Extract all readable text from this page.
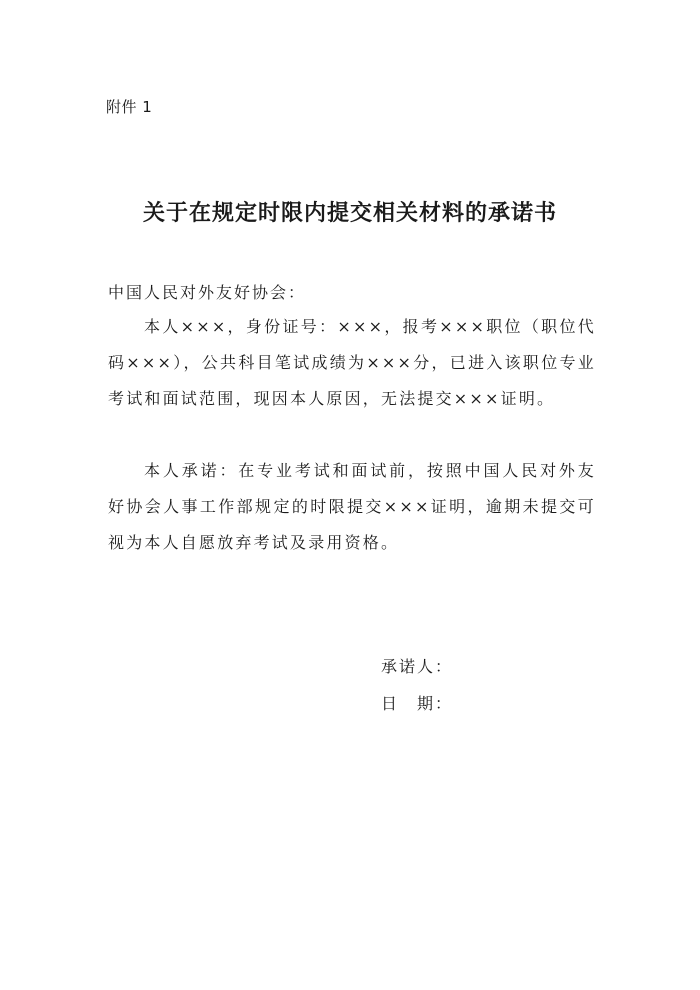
附件 1
关于在规定时限内提交相关材料的承诺书
中国人民对外友好协会：
本人×××，身份证号：×××，报考×××职位（职位代码×××），公共科目笔试成绩为×××分，已进入该职位专业考试和面试范围，现因本人原因，无法提交×××证明。
本人承诺：在专业考试和面试前，按照中国人民对外友好协会人事工作部规定的时限提交×××证明，逾期未提交可视为本人自愿放弃考试及录用资格。
承诺人：
日　期：
